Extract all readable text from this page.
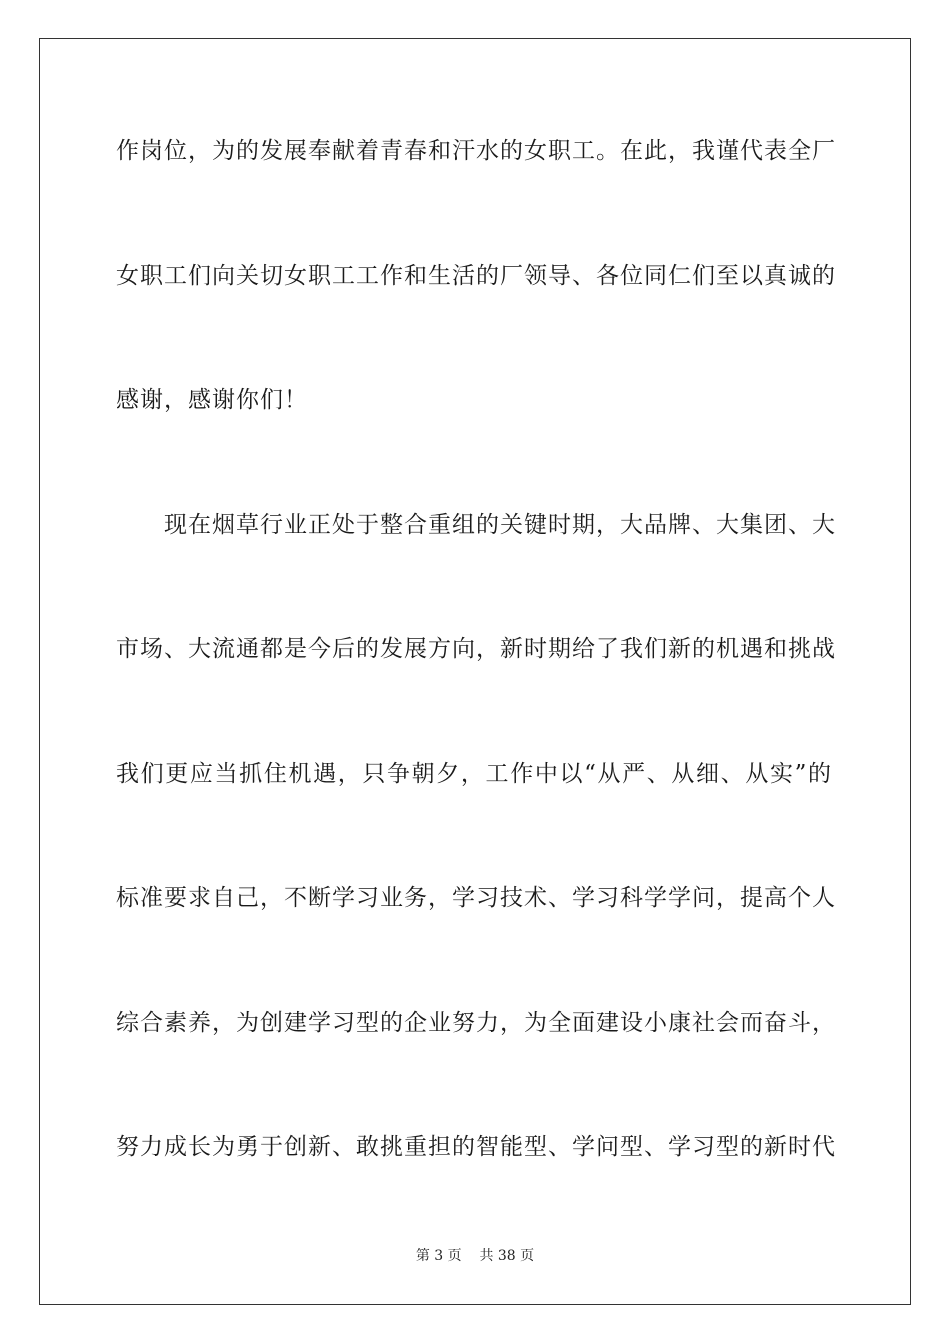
作岗位，为的发展奉献着青春和汗水的女职工。在此，我谨代表全厂
女职工们向关切女职工工作和生活的厂领导、各位同仁们至以真诚的
感谢，感谢你们！
现在烟草行业正处于整合重组的关键时期，大品牌、大集团、大
市场、大流通都是今后的发展方向，新时期给了我们新的机遇和挑战
我们更应当抓住机遇，只争朝夕，工作中以“从严、从细、从实”的
标准要求自己，不断学习业务，学习技术、学习科学学问，提高个人
综合素养，为创建学习型的企业努力，为全面建设小康社会而奋斗，
努力成长为勇于创新、敢挑重担的智能型、学问型、学习型的新时代
第 3 页 共 38 页
